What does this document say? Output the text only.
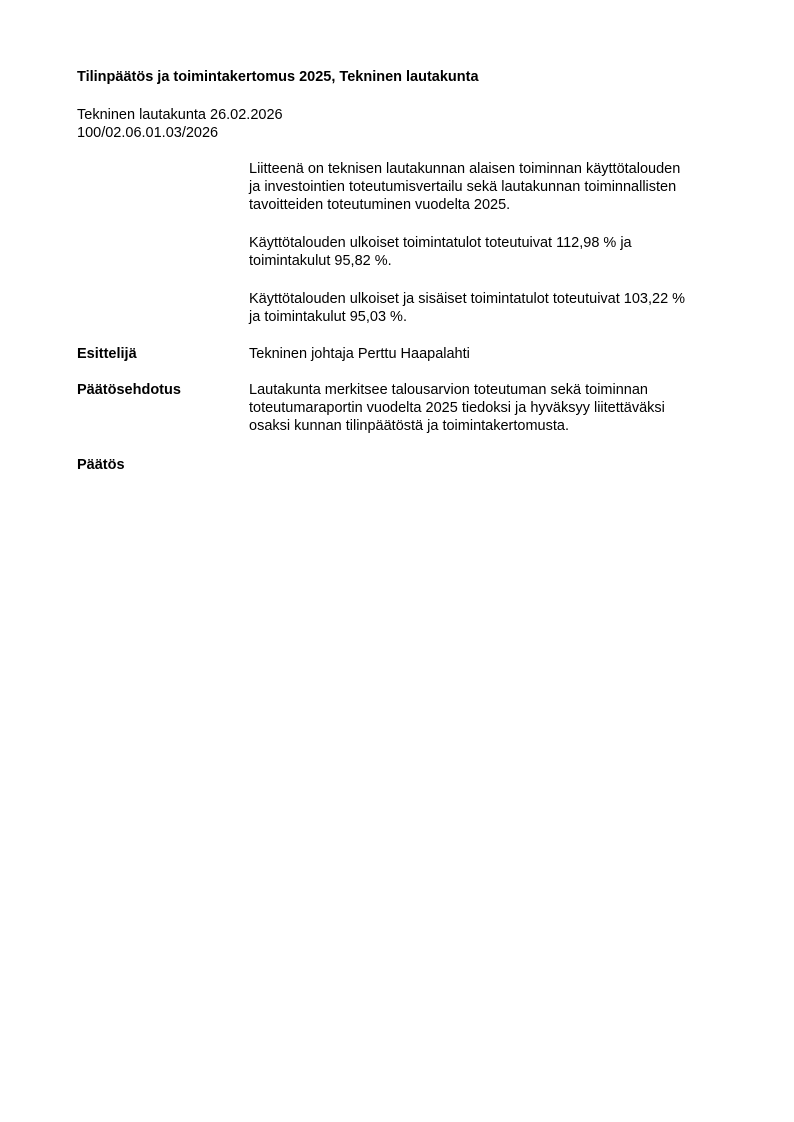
Tilinpäätös ja toimintakertomus 2025, Tekninen lautakunta
Tekninen lautakunta 26.02.2026
100/02.06.01.03/2026
Liitteenä on teknisen lautakunnan alaisen toiminnan käyttötalouden
ja investointien toteutumisvertailu sekä lautakunnan toiminnallisten
tavoitteiden toteutuminen vuodelta 2025.
Käyttötalouden ulkoiset toimintatulot toteutuivat 112,98 % ja
toimintakulut 95,82 %.
Käyttötalouden ulkoiset ja sisäiset toimintatulot toteutuivat 103,22 %
ja toimintakulut 95,03 %.
Esittelijä	Tekninen johtaja Perttu Haapalahti
Päätösehdotus	Lautakunta merkitsee talousarvion toteutuman sekä toiminnan
toteutumaraportin vuodelta 2025 tiedoksi ja hyväksyy liitettäväksi
osaksi kunnan tilinpäätöstä ja toimintakertomusta.
Päätös
